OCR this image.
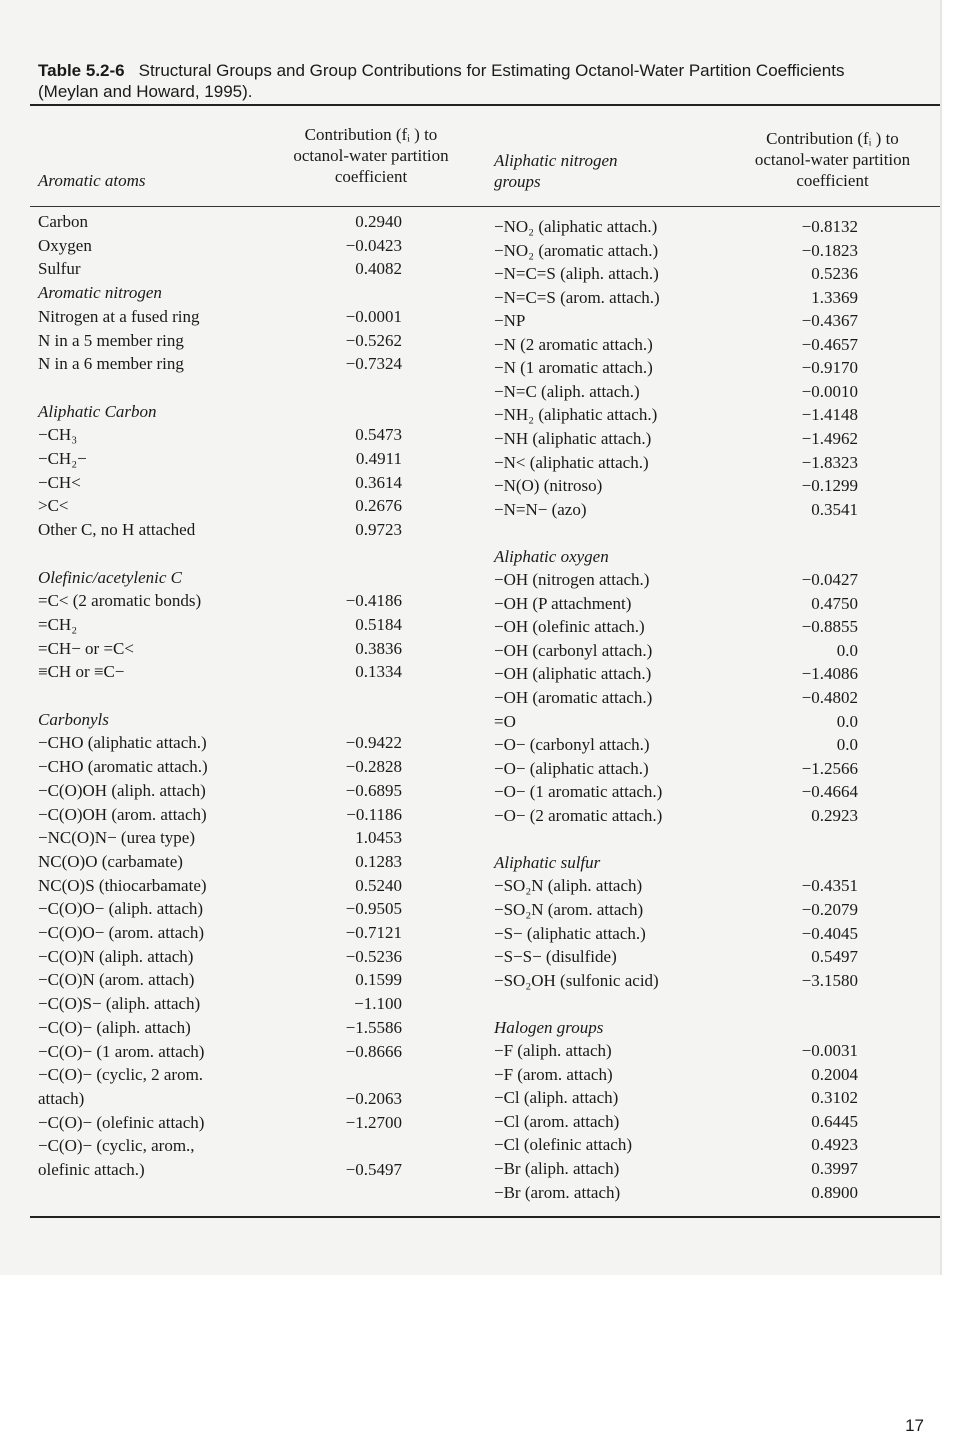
Table 5.2-6 Structural Groups and Group Contributions for Estimating Octanol-Water Partition Coefficients (Meylan and Howard, 1995).
Aromatic atoms
Contribution (fᵢ ) to
octanol-water partition
coefficient
Aliphatic nitrogen
groups
Contribution (fᵢ ) to
octanol-water partition
coefficient
Carbon	0.2940
Oxygen	−0.0423
Sulfur	0.4082
Aromatic nitrogen
Nitrogen at a fused ring	−0.0001
N in a 5 member ring	−0.5262
N in a 6 member ring	−0.7324
Aliphatic Carbon
−CH₃	0.5473
−CH₂−	0.4911
−CH<	0.3614
>C<	0.2676
Other C, no H attached	0.9723
Olefinic/acetylenic C
=C< (2 aromatic bonds)	−0.4186
=CH₂	0.5184
=CH− or =C<	0.3836
≡CH or ≡C−	0.1334
Carbonyls
−CHO (aliphatic attach.)	−0.9422
−CHO (aromatic attach.)	−0.2828
−C(O)OH (aliph. attach)	−0.6895
−C(O)OH (arom. attach)	−0.1186
−NC(O)N− (urea type)	1.0453
NC(O)O (carbamate)	0.1283
NC(O)S (thiocarbamate)	0.5240
−C(O)O− (aliph. attach)	−0.9505
−C(O)O− (arom. attach)	−0.7121
−C(O)N (aliph. attach)	−0.5236
−C(O)N (arom. attach)	0.1599
−C(O)S− (aliph. attach)	−1.100
−C(O)− (aliph. attach)	−1.5586
−C(O)− (1 arom. attach)	−0.8666
−C(O)− (cyclic, 2 arom.
attach)	−0.2063
−C(O)− (olefinic attach)	−1.2700
−C(O)− (cyclic, arom.,
olefinic attach.)	−0.5497
−NO₂ (aliphatic attach.)	−0.8132
−NO₂ (aromatic attach.)	−0.1823
−N=C=S (aliph. attach.)	0.5236
−N=C=S (arom. attach.)	1.3369
−NP	−0.4367
−N (2 aromatic attach.)	−0.4657
−N (1 aromatic attach.)	−0.9170
−N=C (aliph. attach.)	−0.0010
−NH₂ (aliphatic attach.)	−1.4148
−NH (aliphatic attach.)	−1.4962
−N< (aliphatic attach.)	−1.8323
−N(O) (nitroso)	−0.1299
−N=N− (azo)	0.3541
Aliphatic oxygen
−OH (nitrogen attach.)	−0.0427
−OH (P attachment)	0.4750
−OH (olefinic attach.)	−0.8855
−OH (carbonyl attach.)	0.0
−OH (aliphatic attach.)	−1.4086
−OH (aromatic attach.)	−0.4802
=O	0.0
−O− (carbonyl attach.)	0.0
−O− (aliphatic attach.)	−1.2566
−O− (1 aromatic attach.)	−0.4664
−O− (2 aromatic attach.)	0.2923
Aliphatic sulfur
−SO₂N (aliph. attach)	−0.4351
−SO₂N (arom. attach)	−0.2079
−S− (aliphatic attach.)	−0.4045
−S−S− (disulfide)	0.5497
−SO₂OH (sulfonic acid)	−3.1580
Halogen groups
−F (aliph. attach)	−0.0031
−F (arom. attach)	0.2004
−Cl (aliph. attach)	0.3102
−Cl (arom. attach)	0.6445
−Cl (olefinic attach)	0.4923
−Br (aliph. attach)	0.3997
−Br (arom. attach)	0.8900
17
